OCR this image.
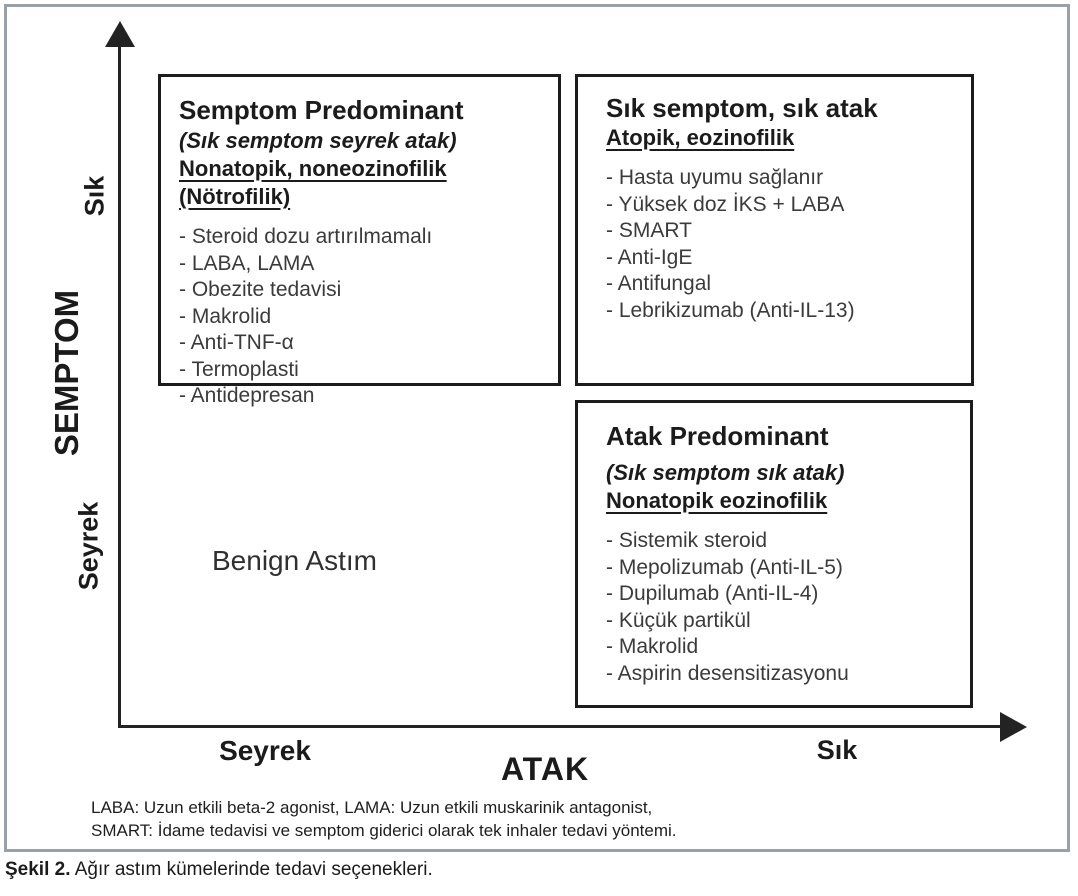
Sık
SEMPTOM
Seyrek
Seyrek
ATAK
Sık
Semptom Predominant
(Sık semptom seyrek atak)
Nonatopik, noneozinofilik (Nötrofilik)
- Steroid dozu artırılmamalı
- LABA, LAMA
- Obezite tedavisi
- Makrolid
- Anti-TNF-α
- Termoplasti
- Antidepresan
Sık semptom, sık atak
Atopik, eozinofilik
- Hasta uyumu sağlanır
- Yüksek doz İKS + LABA
- SMART
- Anti-IgE
- Antifungal
- Lebrikizumab (Anti-IL-13)
Atak Predominant
(Sık semptom sık atak)
Nonatopik eozinofilik
- Sistemik steroid
- Mepolizumab (Anti-IL-5)
- Dupilumab (Anti-IL-4)
- Küçük partikül
- Makrolid
- Aspirin desensitizasyonu
Benign Astım
LABA: Uzun etkili beta-2 agonist, LAMA: Uzun etkili muskarinik antagonist,
SMART: İdame tedavisi ve semptom giderici olarak tek inhaler tedavi yöntemi.
Şekil 2. Ağır astım kümelerinde tedavi seçenekleri.
